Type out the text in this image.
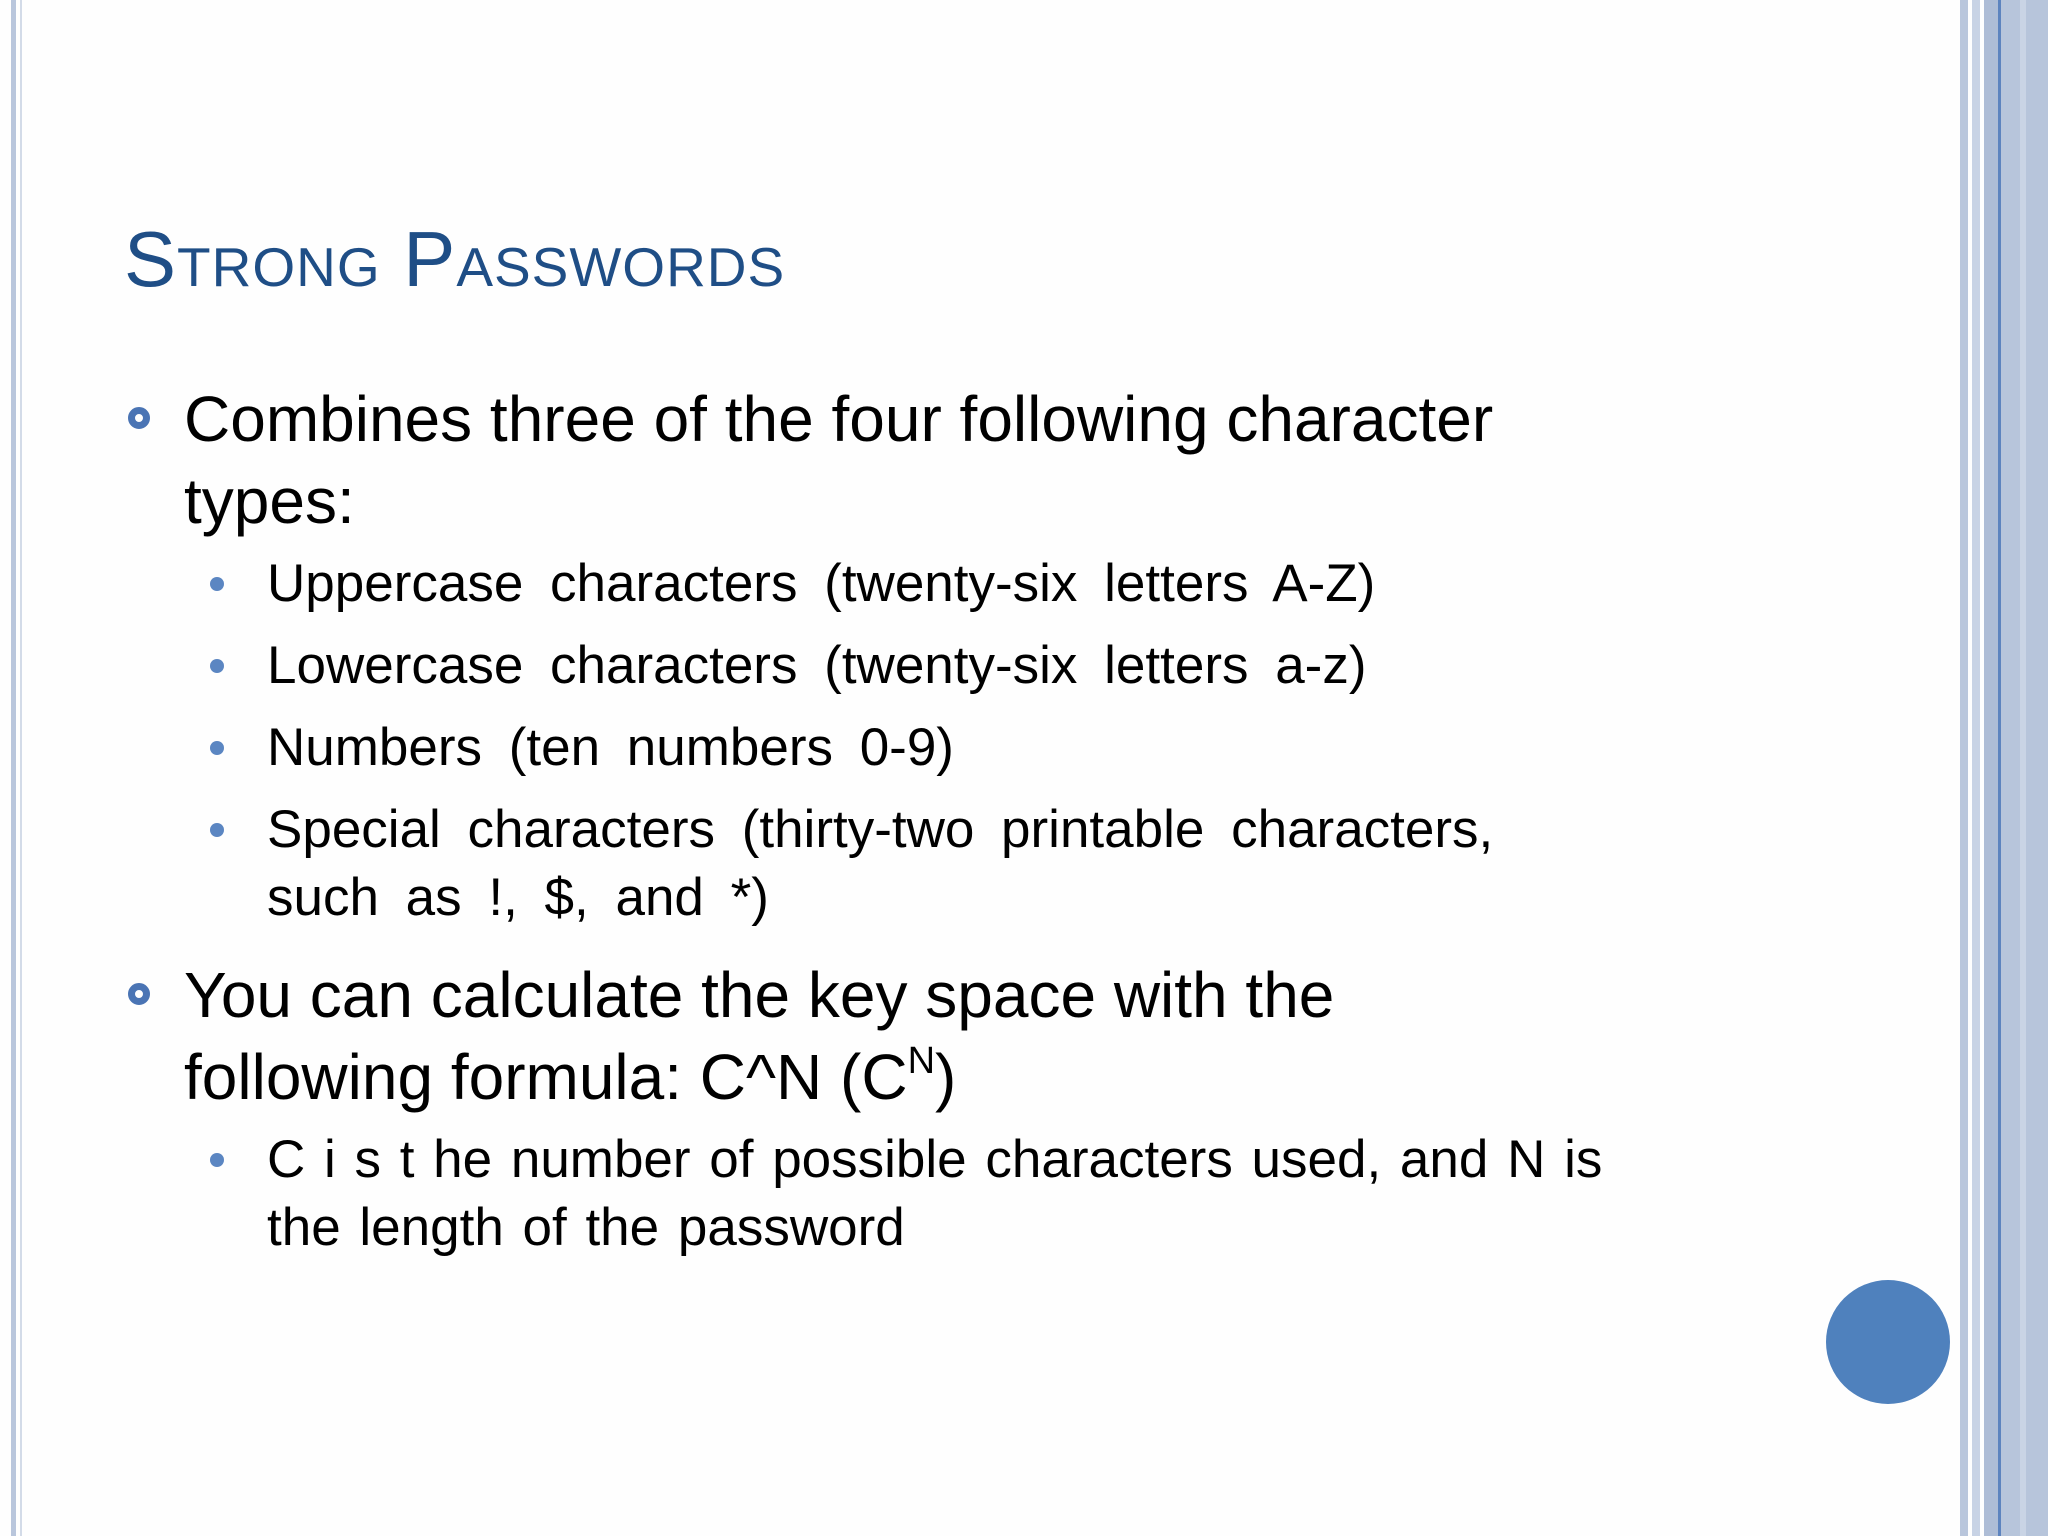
Strong Passwords
Combines three of the four following character
types:
Uppercase characters (twenty-six letters A-Z)
Lowercase characters (twenty-six letters a-z)
Numbers (ten numbers 0-9)
Special characters (thirty-two printable characters,
such as !, $, and *)
You can calculate the key space with the
following formula: C^N $(C^N)$
C i s t he number of possible characters used, and N is
the length of the password
